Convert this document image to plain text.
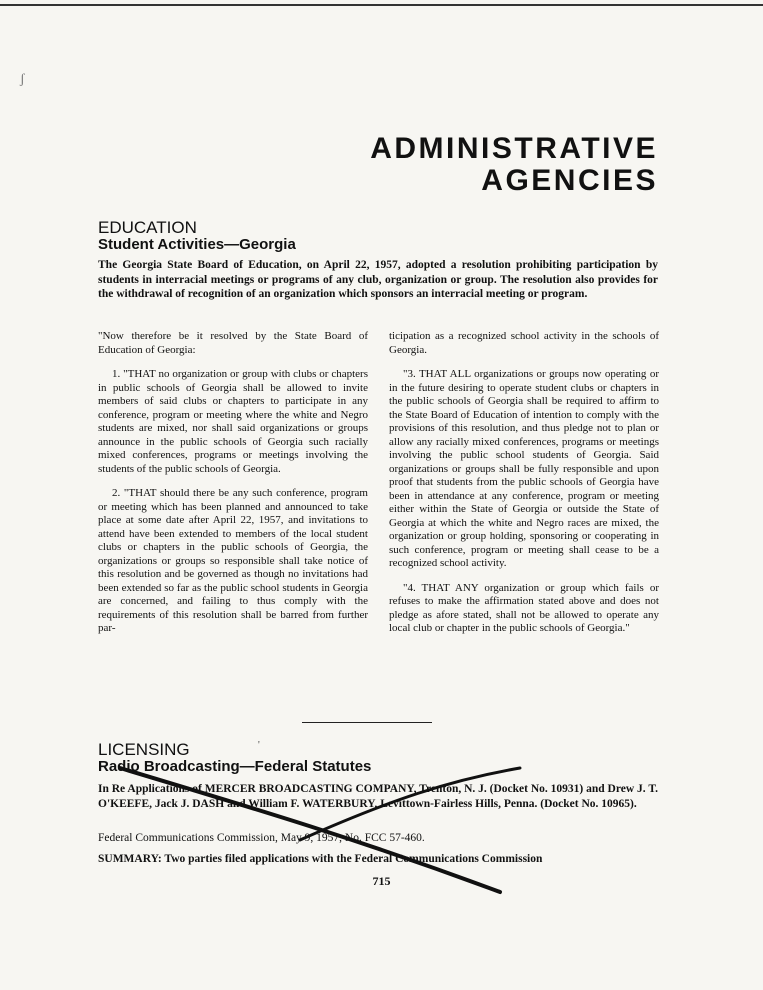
ʃ
ADMINISTRATIVE
AGENCIES
EDUCATION
Student Activities—Georgia

The Georgia State Board of Education, on April 22, 1957, adopted a resolution prohibiting participation by students in interracial meetings or programs of any club, organization or group. The resolution also provides for the withdrawal of recognition of an organization which sponsors an interracial meeting or program.

"Now therefore be it resolved by the State Board of Education of Georgia:

1. "THAT no organization or group with clubs or chapters in public schools of Georgia shall be allowed to invite members of said clubs or chapters to participate in any conference, program or meeting where the white and Negro students are mixed, nor shall said organizations or groups announce in the public schools of Georgia such racially mixed conferences, programs or meetings involving the students of the public schools of Georgia.

2. "THAT should there be any such conference, program or meeting which has been planned and announced to take place at some date after April 22, 1957, and invitations to attend have been extended to members of the local student clubs or chapters in the public schools of Georgia, the organizations or groups so responsible shall take notice of this resolution and be governed as though no invitations had been extended so far as the public school students in Georgia are concerned, and failing to thus comply with the requirements of this resolution shall be barred from further par-

ticipation as a recognized school activity in the schools of Georgia.

"3. THAT ALL organizations or groups now operating or in the future desiring to operate student clubs or chapters in the public schools of Georgia shall be required to affirm to the State Board of Education of intention to comply with the provisions of this resolution, and thus pledge not to plan or allow any racially mixed conferences, programs or meetings involving the public school students of Georgia. Said organizations or groups shall be fully responsible and upon proof that students from the public schools of Georgia have been in attendance at any conference, program or meeting either within the State of Georgia or outside the State of Georgia at which the white and Negro races are mixed, the organization or group holding, sponsoring or cooperating in such conference, program or meeting shall cease to be a recognized school activity.

"4. THAT ANY organization or group which fails or refuses to make the affirmation stated above and does not pledge as afore stated, shall not be allowed to operate any local club or chapter in the public schools of Georgia."

LICENSING
Radio Broadcasting—Federal Statutes

In Re Applications of MERCER BROADCASTING COMPANY, Trenton, N. J. (Docket No. 10931) and Drew J. T. O'KEEFE, Jack J. DASH and William F. WATERBURY, Levittown-Fairless Hills, Penna. (Docket No. 10965).

Federal Communications Commission, May 9, 1957, No. FCC 57-460.

SUMMARY: Two parties filed applications with the Federal Communications Commission

'
715
